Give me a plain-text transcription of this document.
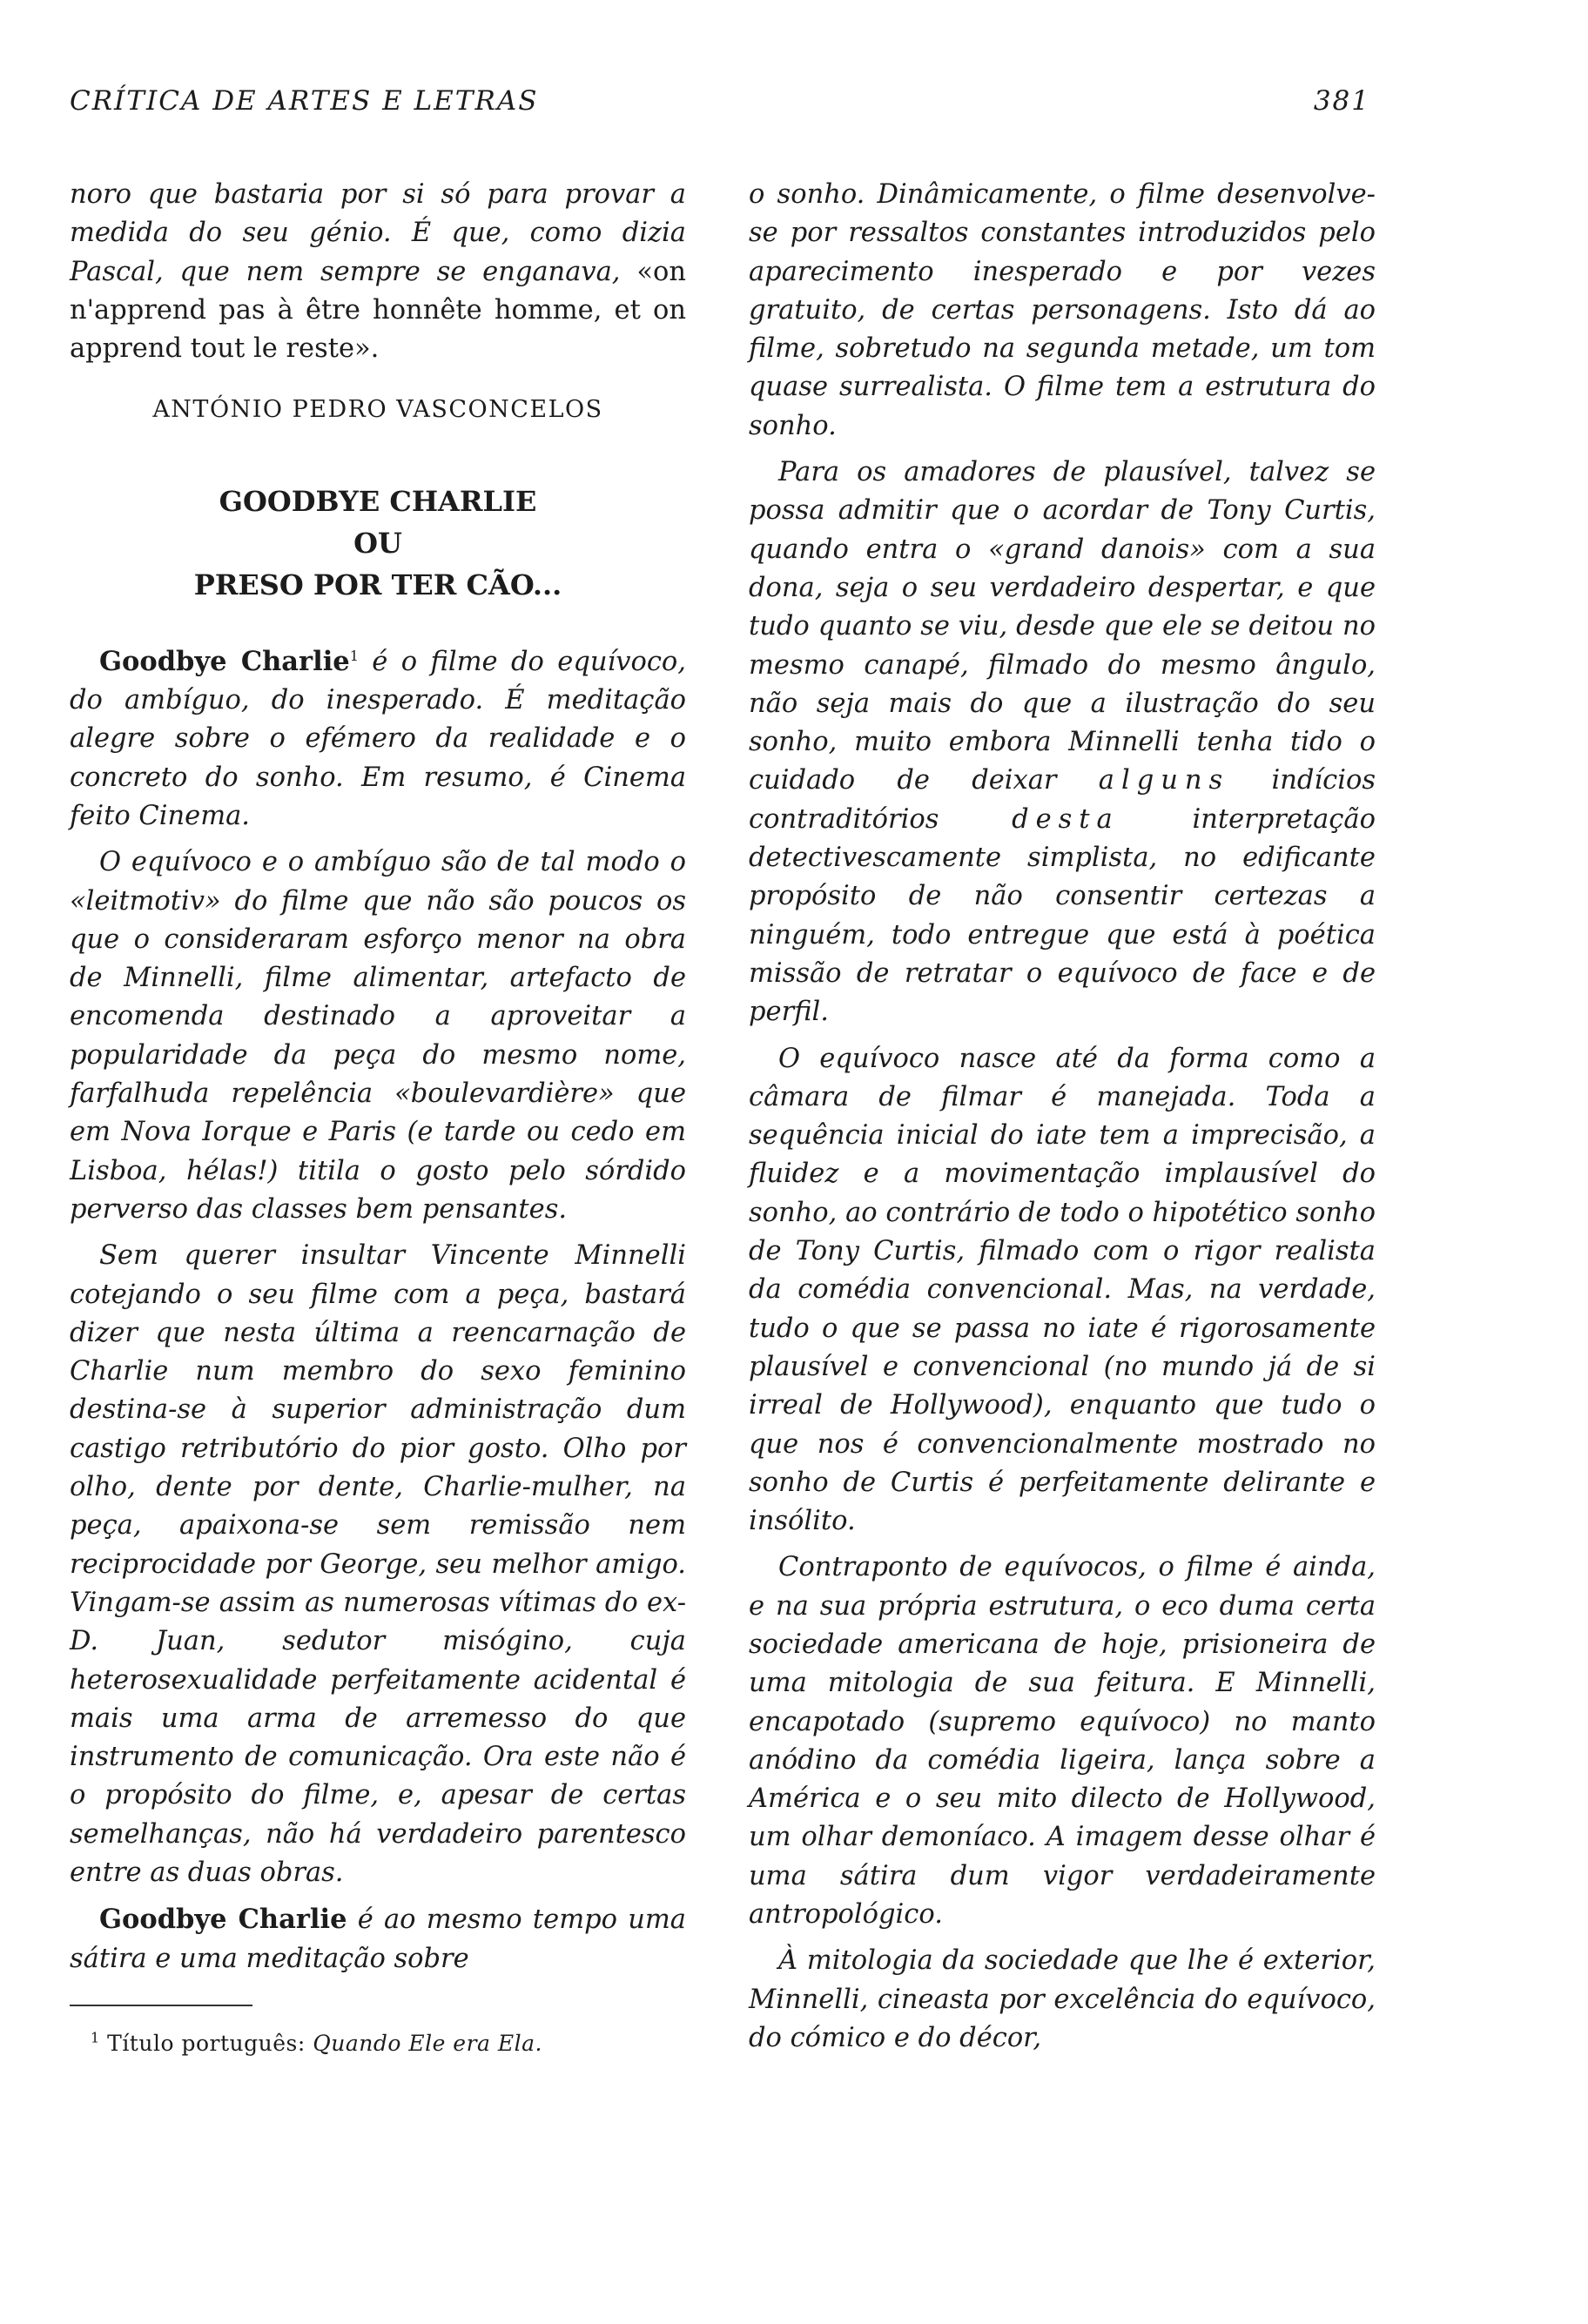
CRÍTICA DE ARTES E LETRAS	381

noro que bastaria por si só para provar a medida do seu génio. É que, como dizia Pascal, que nem sempre se enganava, «on n'apprend pas à être honnête homme, et on apprend tout le reste».

ANTÓNIO PEDRO VASCONCELOS

GOODBYE CHARLIE
OU
PRESO POR TER CÃO...

Goodbye Charlie$^1$ é o filme do equívoco, do ambíguo, do inesperado. É meditação alegre sobre o efémero da realidade e o concreto do sonho. Em resumo, é Cinema feito Cinema.

O equívoco e o ambíguo são de tal modo o «leitmotiv» do filme que não são poucos os que o consideraram esforço menor na obra de Minnelli, filme alimentar, artefacto de encomenda destinado a aproveitar a popularidade da peça do mesmo nome, farfalhuda repelência «boulevardière» que em Nova Iorque e Paris (e tarde ou cedo em Lisboa, hélas!) titila o gosto pelo sórdido perverso das classes bem pensantes.

Sem querer insultar Vincente Minnelli cotejando o seu filme com a peça, bastará dizer que nesta última a reencarnação de Charlie num membro do sexo feminino destina-se à superior administração dum castigo retributório do pior gosto. Olho por olho, dente por dente, Charlie-mulher, na peça, apaixona-se sem remissão nem reciprocidade por George, seu melhor amigo. Vingam-se assim as numerosas vítimas do ex-D. Juan, sedutor misógino, cuja heterosexualidade perfeitamente acidental é mais uma arma de arremesso do que instrumento de comunicação. Ora este não é o propósito do filme, e, apesar de certas semelhanças, não há verdadeiro parentesco entre as duas obras.

Goodbye Charlie é ao mesmo tempo uma sátira e uma meditação sobre

$^1$ Título português: Quando Ele era Ela.

o sonho. Dinâmicamente, o filme desenvolve-se por ressaltos constantes introduzidos pelo aparecimento inesperado e por vezes gratuito, de certas personagens. Isto dá ao filme, sobretudo na segunda metade, um tom quase surrealista. O filme tem a estrutura do sonho.

Para os amadores de plausível, talvez se possa admitir que o acordar de Tony Curtis, quando entra o «grand danois» com a sua dona, seja o seu verdadeiro despertar, e que tudo quanto se viu, desde que ele se deitou no mesmo canapé, filmado do mesmo ângulo, não seja mais do que a ilustração do seu sonho, muito embora Minnelli tenha tido o cuidado de deixar alguns indícios contraditórios	desta	interpretação detectivescamente simplista, no edificante propósito de não consentir certezas a ninguém, todo entregue que está à poética missão de retratar o equívoco de face e de perfil.

O equívoco nasce até da forma como a câmara de filmar é manejada. Toda a sequência inicial do iate tem a imprecisão, a fluidez e a movimentação implausível do sonho, ao contrário de todo o hipotético sonho de Tony Curtis, filmado com o rigor realista da comédia convencional. Mas, na verdade, tudo o que se passa no iate é rigorosamente plausível e convencional (no mundo já de si irreal de Hollywood), enquanto que tudo o que nos é convencionalmente mostrado no sonho de Curtis é perfeitamente delirante e insólito.

Contraponto de equívocos, o filme é ainda, e na sua própria estrutura, o eco duma certa sociedade americana de hoje, prisioneira de uma mitologia de sua feitura. E Minnelli, encapotado (supremo equívoco) no manto anódino da comédia ligeira, lança sobre a América e o seu mito dilecto de Hollywood, um olhar demoníaco. A imagem desse olhar é uma sátira dum vigor verdadeiramente antropológico.

À mitologia da sociedade que lhe é exterior, Minnelli, cineasta por excelência do equívoco, do cómico e do décor,
